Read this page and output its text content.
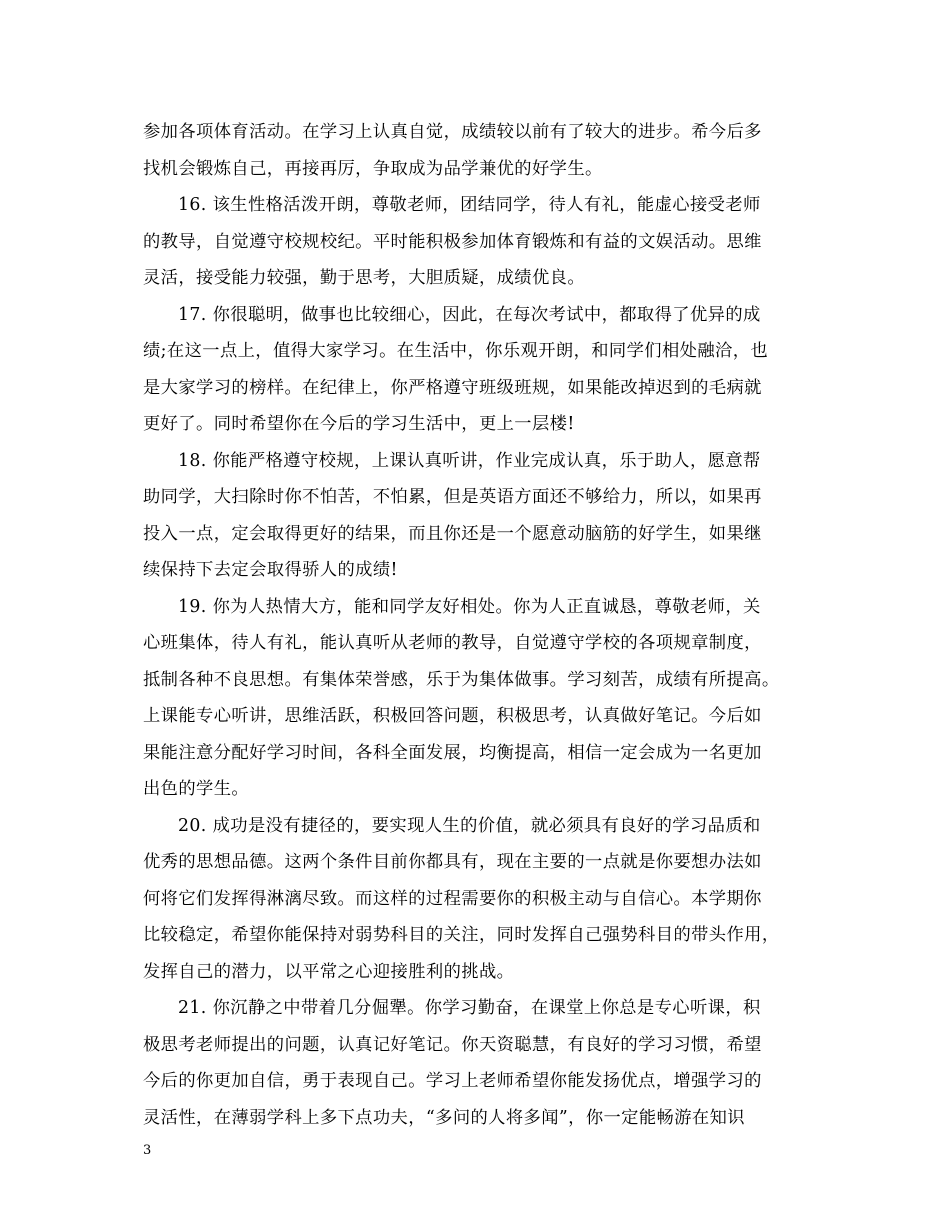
参加各项体育活动。在学习上认真自觉，成绩较以前有了较大的进步。希今后多
找机会锻炼自己，再接再厉，争取成为品学兼优的好学生。
16. 该生性格活泼开朗，尊敬老师，团结同学，待人有礼，能虚心接受老师
的教导，自觉遵守校规校纪。平时能积极参加体育锻炼和有益的文娱活动。思维
灵活，接受能力较强，勤于思考，大胆质疑，成绩优良。
17. 你很聪明，做事也比较细心，因此，在每次考试中，都取得了优异的成
绩;在这一点上，值得大家学习。在生活中，你乐观开朗，和同学们相处融洽，也
是大家学习的榜样。在纪律上，你严格遵守班级班规，如果能改掉迟到的毛病就
更好了。同时希望你在今后的学习生活中，更上一层楼!
18. 你能严格遵守校规，上课认真听讲，作业完成认真，乐于助人，愿意帮
助同学，大扫除时你不怕苦，不怕累，但是英语方面还不够给力，所以，如果再
投入一点，定会取得更好的结果，而且你还是一个愿意动脑筋的好学生，如果继
续保持下去定会取得骄人的成绩!
19. 你为人热情大方，能和同学友好相处。你为人正直诚恳，尊敬老师，关
心班集体，待人有礼，能认真听从老师的教导，自觉遵守学校的各项规章制度，
抵制各种不良思想。有集体荣誉感，乐于为集体做事。学习刻苦，成绩有所提高。
上课能专心听讲，思维活跃，积极回答问题，积极思考，认真做好笔记。今后如
果能注意分配好学习时间，各科全面发展，均衡提高，相信一定会成为一名更加
出色的学生。
20. 成功是没有捷径的，要实现人生的价值，就必须具有良好的学习品质和
优秀的思想品德。这两个条件目前你都具有，现在主要的一点就是你要想办法如
何将它们发挥得淋漓尽致。而这样的过程需要你的积极主动与自信心。本学期你
比较稳定，希望你能保持对弱势科目的关注，同时发挥自己强势科目的带头作用，
发挥自己的潜力，以平常之心迎接胜利的挑战。
21. 你沉静之中带着几分倔犟。你学习勤奋，在课堂上你总是专心听课，积
极思考老师提出的问题，认真记好笔记。你天资聪慧，有良好的学习习惯，希望
今后的你更加自信，勇于表现自己。学习上老师希望你能发扬优点，增强学习的
灵活性，在薄弱学科上多下点功夫，“多问的人将多闻”，你一定能畅游在知识
3
